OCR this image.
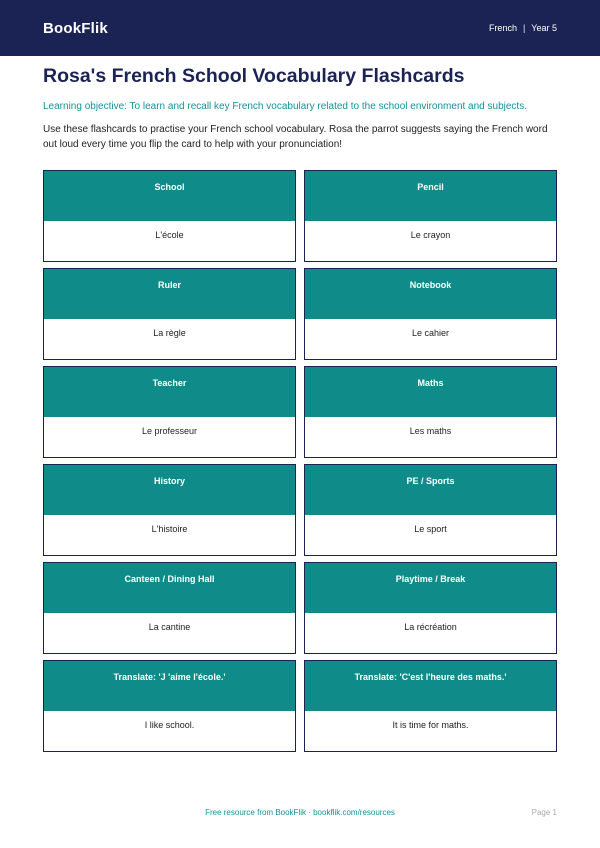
BookFlik	French | Year 5
Rosa's French School Vocabulary Flashcards

Learning objective: To learn and recall key French vocabulary related to the school environment and subjects.

Use these flashcards to practise your French school vocabulary. Rosa the parrot suggests saying the French word out loud every time you flip the card to help with your pronunciation!

School
L'école
Pencil
Le crayon
Ruler
La règle
Notebook
Le cahier
Teacher
Le professeur
Maths
Les maths
History
L'histoire
PE / Sports
Le sport
Canteen / Dining Hall
La cantine
Playtime / Break
La récréation
Translate: 'J 'aime l'école.'
I like school.
Translate: 'C'est l'heure des maths.'
It is time for maths.
Free resource from BookFlik · bookflik.com/resources	Page 1
